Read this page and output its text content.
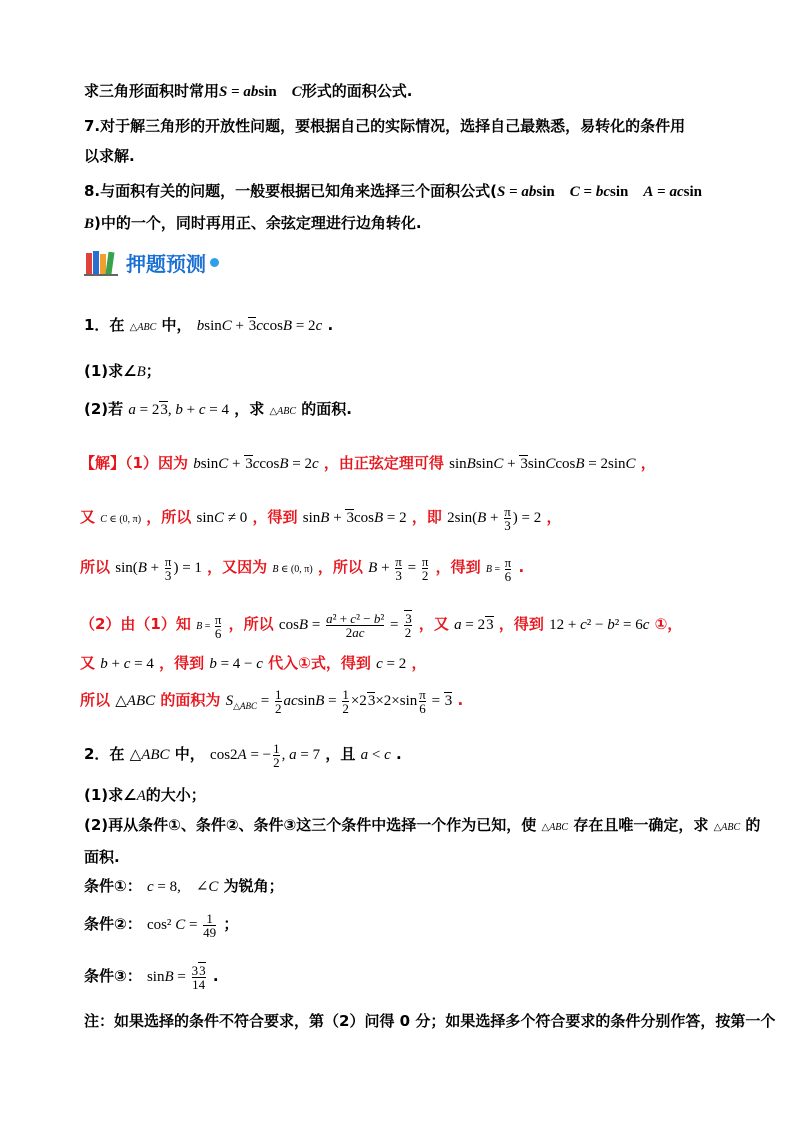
求三角形面积时常用S = absin　C形式的面积公式.
7.对于解三角形的开放性问题，要根据自己的实际情况，选择自己最熟悉，易转化的条件用
以求解.
8.与面积有关的问题，一般要根据已知角来选择三个面积公式(S = absin　C = bcsin　A = acsin
B)中的一个，同时再用正、余弦定理进行边角转化.
押题预测
1．在 △ABC 中， bsinC + 3ccosB = 2c .
(1)求∠B；
(2)若 a = 23, b + c = 4 ，求 △ABC 的面积.
【解】（1）因为 bsinC + 3ccosB = 2c ，由正弦定理可得 sinBsinC + 3sinCcosB = 2sinC ，
又 C ∈ (0, π) ，所以 sinC ≠ 0 ，得到 sinB + 3cosB = 2 ，即 $2\sin(B + \frac{\pi}{3}$ ) = 2 ，
所以 $\sin(B + \frac{\pi}{3}$ ) = 1 ，又因为 B ∈ (0, π) ，所以 $B + \frac{\pi}{3} = \frac{\pi}{2}$ ，得到 $B = \frac{\pi}{6}$ .
（2）由（1）知 $B = \frac{\pi}{6}$ ，所以 $\cos B = \frac{\text{a² + c² − b²}}{2ac} = \frac{3}{2}$ ，又 a = 23 ，得到 12 + c² − b² = 6c ①，
又 b + c = 4 ，得到 b = 4 − c 代入①式，得到 c = 2 ，
所以 △ABC 的面积为 $S_{\triangle ABC} = \frac{1}{2}$ $acsinB = \frac{1}{2} \times 23\times 2\times\sin \frac{\pi}{6} = 3$ .
2．在 △ABC 中， cos2A = − $\frac{1}{2}$ , a = 7 ，且 a < c .
(1)求∠A的大小；
(2)再从条件①、条件②、条件③这三个条件中选择一个作为已知，使 △ABC 存在且唯一确定，求 △ABC 的
面积.
条件①： c = 8,　∠C 为锐角；
条件②： cos² $C = \frac{1}{49}$ ；
条件③： $\sin B = \frac{33}{14}$ .
注：如果选择的条件不符合要求，第（2）问得 0 分；如果选择多个符合要求的条件分别作答，按第一个
